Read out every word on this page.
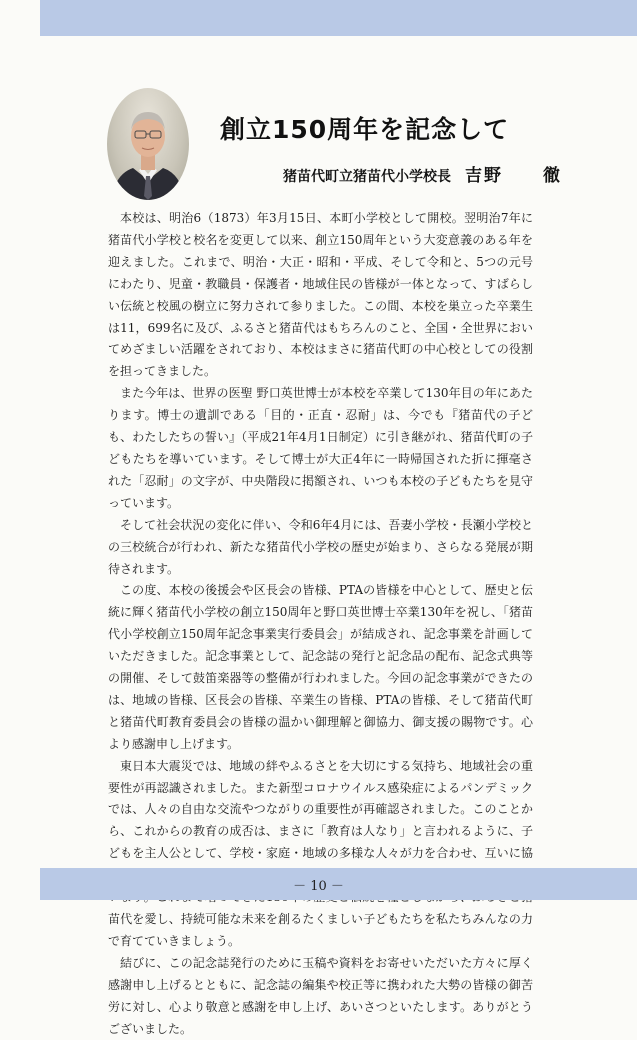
創立150周年を記念して
猪苗代町立猪苗代小学校長 吉野 徹

本校は、明治6（1873）年3月15日、本町小学校として開校。翌明治7年に猪苗代小学校と校名を変更して以来、創立150周年という大変意義のある年を迎えました。これまで、明治・大正・昭和・平成、そして令和と、5つの元号にわたり、児童・教職員・保護者・地域住民の皆様が一体となって、すばらしい伝統と校風の樹立に努力されて参りました。この間、本校を巣立った卒業生は11，699名に及び、ふるさと猪苗代はもちろんのこと、全国・全世界においてめざましい活躍をされており、本校はまさに猪苗代町の中心校としての役割を担ってきました。

また今年は、世界の医聖 野口英世博士が本校を卒業して130年目の年にあたります。博士の遺訓である「目的・正直・忍耐」は、今でも『猪苗代の子ども、わたしたちの誓い』（平成21年4月1日制定）に引き継がれ、猪苗代町の子どもたちを導いています。そして博士が大正4年に一時帰国された折に揮毫された「忍耐」の文字が、中央階段に掲額され、いつも本校の子どもたちを見守っています。

そして社会状況の変化に伴い、令和6年4月には、吾妻小学校・長瀬小学校との三校統合が行われ、新たな猪苗代小学校の歴史が始まり、さらなる発展が期待されます。

この度、本校の後援会や区長会の皆様、PTAの皆様を中心として、歴史と伝統に輝く猪苗代小学校の創立150周年と野口英世博士卒業130年を祝し、「猪苗代小学校創立150周年記念事業実行委員会」が結成され、記念事業を計画していただきました。記念事業として、記念誌の発行と記念品の配布、記念式典等の開催、そして鼓笛楽器等の整備が行われました。今回の記念事業ができたのは、地域の皆様、区長会の皆様、卒業生の皆様、PTAの皆様、そして猪苗代町と猪苗代町教育委員会の皆様の温かい御理解と御協力、御支援の賜物です。心より感謝申し上げます。

東日本大震災では、地域の絆やふるさとを大切にする気持ち、地域社会の重要性が再認識されました。また新型コロナウイルス感染症によるパンデミックでは、人々の自由な交流やつながりの重要性が再確認されました。このことから、これからの教育の成否は、まさに「教育は人なり」と言われるように、子どもを主人公として、学校・家庭・地域の多様な人々が力を合わせ、互いに協 苗代を愛し、持続可能な未来を創るたくましい子どもたちを私たちみんなの力で育てていきましょう。

結びに、この記念誌発行のために玉稿や資料をお寄せいただいた方々に厚く感謝申し上げるとともに、記念誌の編集や校正等に携われた大勢の皆様の御苦労に対し、心より敬意と感謝を申し上げ、あいさつといたします。ありがとうございました。

－ 10 －
